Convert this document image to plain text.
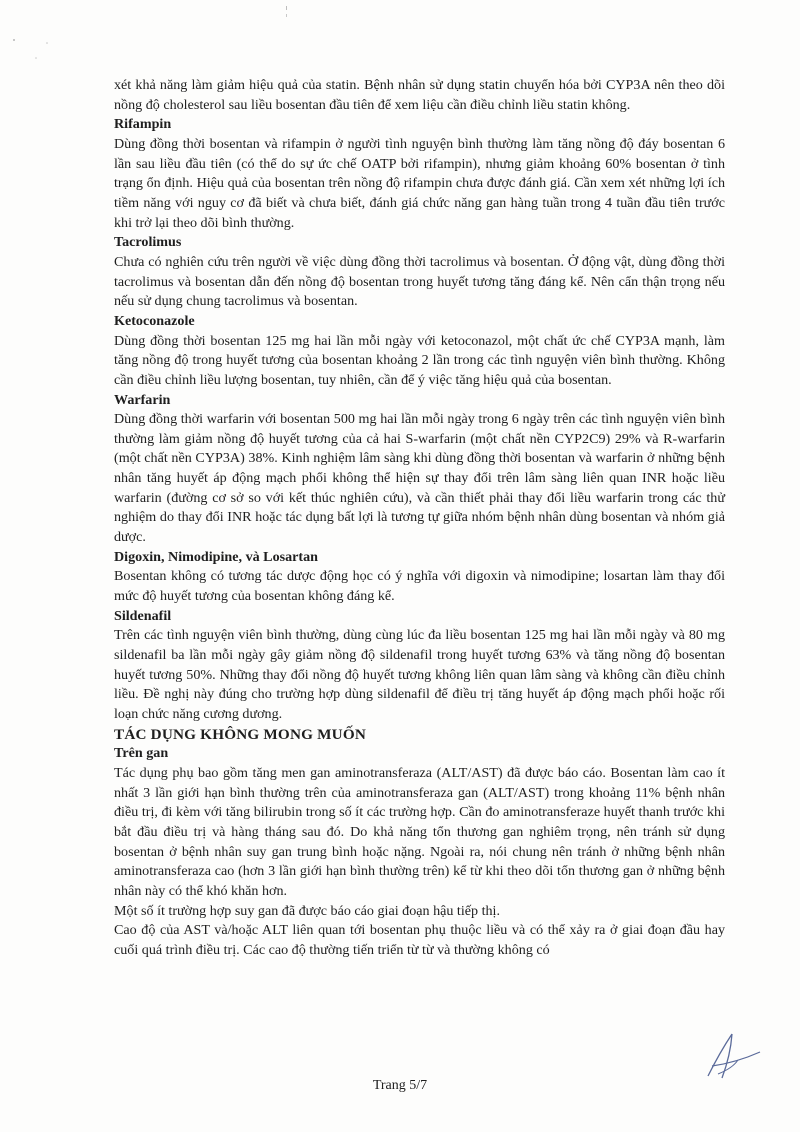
xét khả năng làm giảm hiệu quả của statin. Bệnh nhân sử dụng statin chuyển hóa bởi CYP3A nên theo dõi nồng độ cholesterol sau liều bosentan đầu tiên để xem liệu cần điều chỉnh liều statin không.

Rifampin

Dùng đồng thời bosentan và rifampin ở người tình nguyện bình thường làm tăng nồng độ đáy bosentan 6 lần sau liều đầu tiên (có thể do sự ức chế OATP bởi rifampin), nhưng giảm khoảng 60% bosentan ở tình trạng ổn định. Hiệu quả của bosentan trên nồng độ rifampin chưa được đánh giá. Cần xem xét những lợi ích tiềm năng với nguy cơ đã biết và chưa biết, đánh giá chức năng gan hàng tuần trong 4 tuần đầu tiên trước khi trở lại theo dõi bình thường.

Tacrolimus

Chưa có nghiên cứu trên người về việc dùng đồng thời tacrolimus và bosentan. Ở động vật, dùng đồng thời tacrolimus và bosentan dẫn đến nồng độ bosentan trong huyết tương tăng đáng kể. Nên cẩn thận trọng nếu nếu sử dụng chung tacrolimus và bosentan.

Ketoconazole

Dùng đồng thời bosentan 125 mg hai lần mỗi ngày với ketoconazol, một chất ức chế CYP3A mạnh, làm tăng nồng độ trong huyết tương của bosentan khoảng 2 lần trong các tình nguyện viên bình thường. Không cần điều chỉnh liều lượng bosentan, tuy nhiên, cần để ý việc tăng hiệu quả của bosentan.

Warfarin

Dùng đồng thời warfarin với bosentan 500 mg hai lần mỗi ngày trong 6 ngày trên các tình nguyện viên bình thường làm giảm nồng độ huyết tương của cả hai S-warfarin (một chất nền CYP2C9) 29% và R-warfarin (một chất nền CYP3A) 38%. Kinh nghiệm lâm sàng khi dùng đồng thời bosentan và warfarin ở những bệnh nhân tăng huyết áp động mạch phổi không thể hiện sự thay đổi trên lâm sàng liên quan INR hoặc liều warfarin (đường cơ sở so với kết thúc nghiên cứu), và cần thiết phải thay đổi liều warfarin trong các thử nghiệm do thay đổi INR hoặc tác dụng bất lợi là tương tự giữa nhóm bệnh nhân dùng bosentan và nhóm giả dược.

Digoxin, Nimodipine, và Losartan

Bosentan không có tương tác dược động học có ý nghĩa với digoxin và nimodipine; losartan làm thay đổi mức độ huyết tương của bosentan không đáng kể.

Sildenafil

Trên các tình nguyện viên bình thường, dùng cùng lúc đa liều bosentan 125 mg hai lần mỗi ngày và 80 mg sildenafil ba lần mỗi ngày gây giảm nồng độ sildenafil trong huyết tương 63% và tăng nồng độ bosentan huyết tương 50%. Những thay đổi nồng độ huyết tương không liên quan lâm sàng và không cần điều chỉnh liều. Đề nghị này đúng cho trường hợp dùng sildenafil để điều trị tăng huyết áp động mạch phổi hoặc rối loạn chức năng cương dương.

TÁC DỤNG KHÔNG MONG MUỐN

Trên gan

Tác dụng phụ bao gồm tăng men gan aminotransferaza (ALT/AST) đã được báo cáo. Bosentan làm cao ít nhất 3 lần giới hạn bình thường trên của aminotransferaza gan (ALT/AST) trong khoảng 11% bệnh nhân điều trị, đi kèm với tăng bilirubin trong số ít các trường hợp. Cần đo aminotransferaze huyết thanh trước khi bắt đầu điều trị và hàng tháng sau đó. Do khả năng tổn thương gan nghiêm trọng, nên tránh sử dụng bosentan ở bệnh nhân suy gan trung bình hoặc nặng. Ngoài ra, nói chung nên tránh ở những bệnh nhân aminotransferaza cao (hơn 3 lần giới hạn bình thường trên) kể từ khi theo dõi tổn thương gan ở những bệnh nhân này có thể khó khăn hơn.

Một số ít trường hợp suy gan đã được báo cáo giai đoạn hậu tiếp thị.

Cao độ của AST và/hoặc ALT liên quan tới bosentan phụ thuộc liều và có thể xảy ra ở giai đoạn đầu hay cuối quá trình điều trị. Các cao độ thường tiến triển từ từ và thường không có

Trang 5/7
